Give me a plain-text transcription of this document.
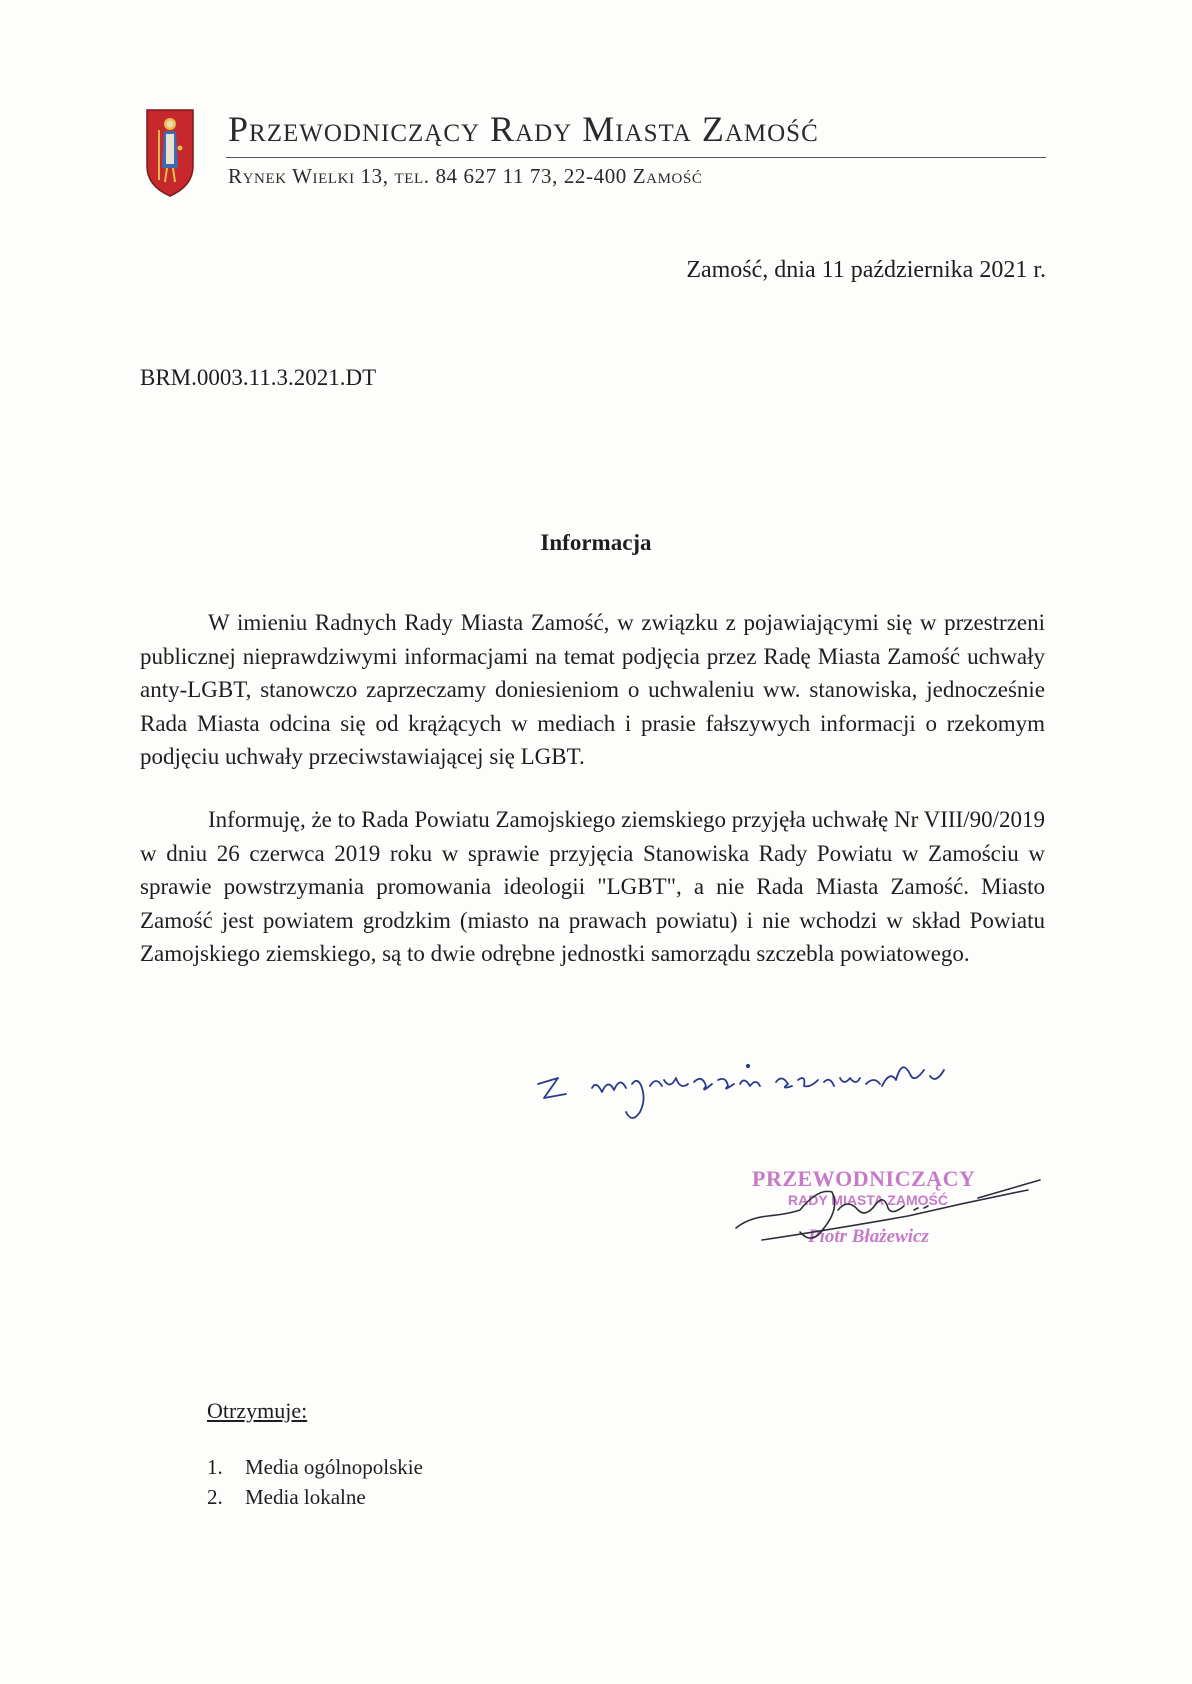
Przewodniczący Rady Miasta Zamość
Rynek Wielki 13, tel. 84 627 11 73, 22-400 Zamość
Zamość, dnia 11 października 2021 r.
BRM.0003.11.3.2021.DT
Informacja

W imieniu Radnych Rady Miasta Zamość, w związku z pojawiającymi się w przestrzeni publicznej nieprawdziwymi informacjami na temat podjęcia przez Radę Miasta Zamość uchwały anty-LGBT, stanowczo zaprzeczamy doniesieniom o uchwaleniu ww. stanowiska, jednocześnie Rada Miasta odcina się od krążących w mediach i prasie fałszywych informacji o rzekomym podjęciu uchwały przeciwstawiającej się LGBT.

Informuję, że to Rada Powiatu Zamojskiego ziemskiego przyjęła uchwałę Nr VIII/90/2019 w dniu 26 czerwca 2019 roku w sprawie przyjęcia Stanowiska Rady Powiatu w Zamościu w sprawie powstrzymania promowania ideologii "LGBT", a nie Rada Miasta Zamość. Miasto Zamość jest powiatem grodzkim (miasto na prawach powiatu) i nie wchodzi w skład Powiatu Zamojskiego ziemskiego, są to dwie odrębne jednostki samorządu szczebla powiatowego.

PRZEWODNICZĄCY
RADY MIASTA ZAMOŚĆ
Piotr Błażewicz
Otrzymuje:
1. Media ogólnopolskie
2. Media lokalne
